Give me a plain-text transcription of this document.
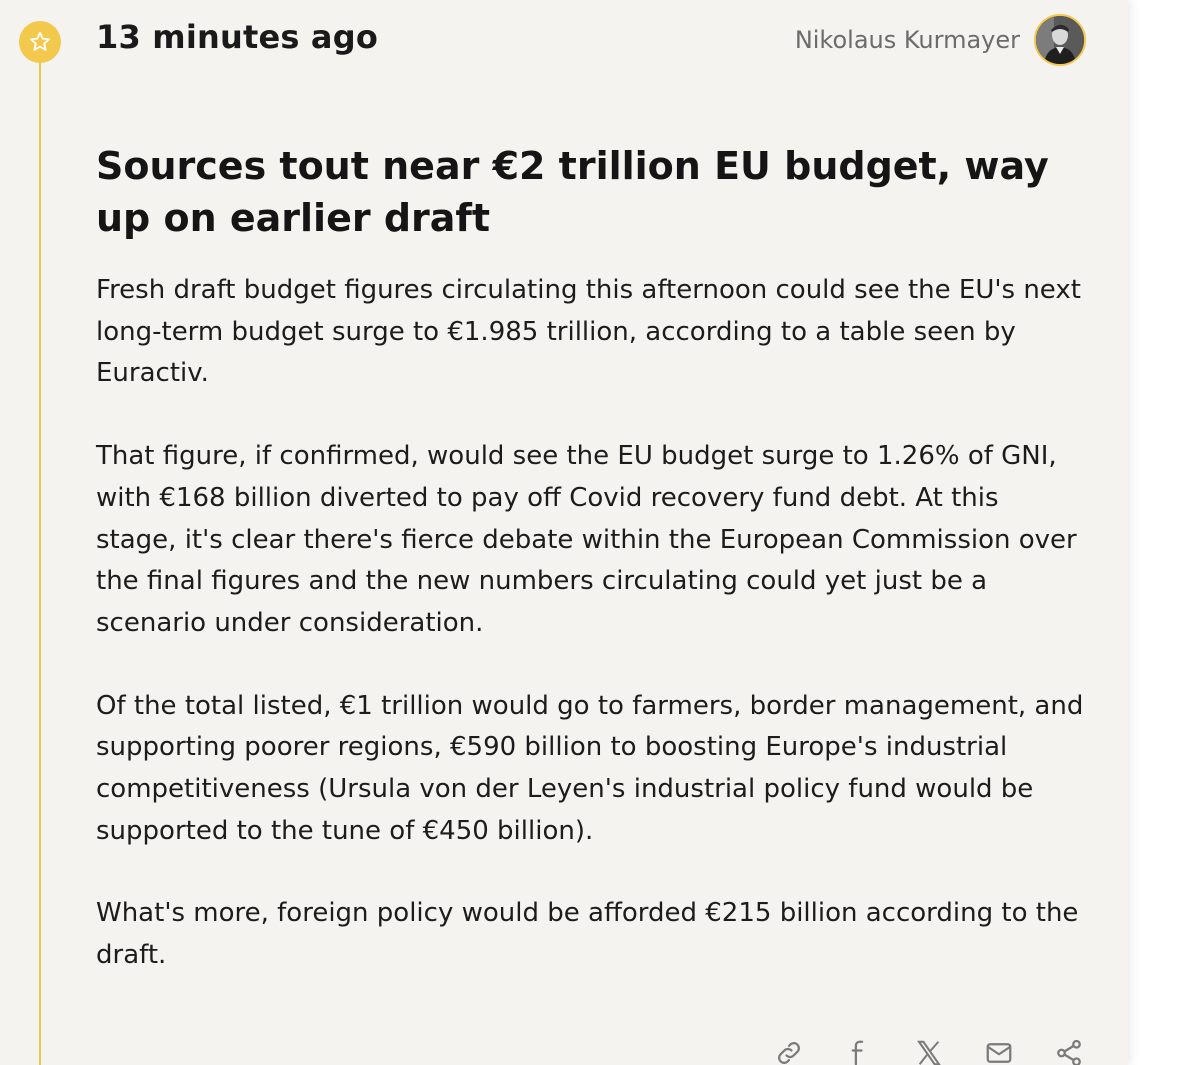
13 minutes ago	Nikolaus Kurmayer
Sources tout near €2 trillion EU budget, way up on earlier draft

Fresh draft budget figures circulating this afternoon could see the EU's next long-term budget surge to €1.985 trillion, according to a table seen by Euractiv.

That figure, if confirmed, would see the EU budget surge to 1.26% of GNI, with €168 billion diverted to pay off Covid recovery fund debt. At this stage, it's clear there's fierce debate within the European Commission over the final figures and the new numbers circulating could yet just be a scenario under consideration.

Of the total listed, €1 trillion would go to farmers, border management, and supporting poorer regions, €590 billion to boosting Europe's industrial competitiveness (Ursula von der Leyen's industrial policy fund would be supported to the tune of €450 billion).

What's more, foreign policy would be afforded €215 billion according to the draft.
